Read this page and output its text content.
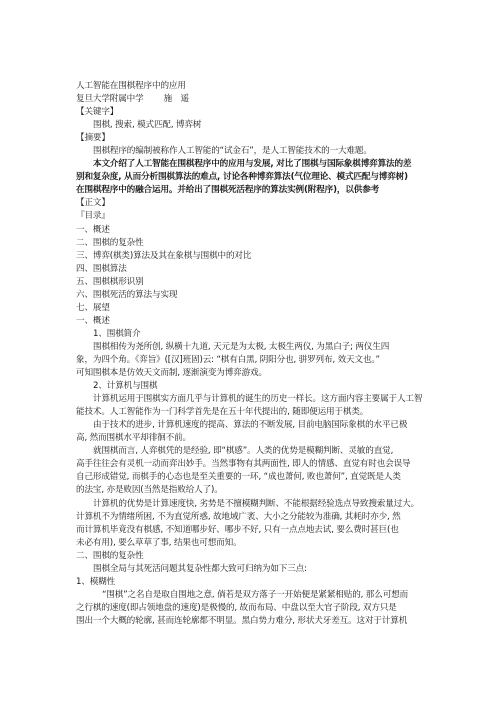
人工智能在围棋程序中的应用
复旦大学附属中学 施　遥
【关键字】
围棋, 搜索, 模式匹配, 博弈树
【摘要】
围棋程序的编制被称作人工智能的“试金石”，是人工智能技术的一大难题。
本文介绍了人工智能在围棋程序中的应用与发展, 对比了围棋与国际象棋博弈算法的差
别和复杂度, 从而分析围棋算法的难点, 讨论各种博弈算法(气位理论、模式匹配与博弈树)
在围棋程序中的融合运用。并给出了围棋死活程序的算法实例(附程序)，以供参考
【正文】
『目录』
一、概述
二、围棋的复杂性
三、博弈(棋类)算法及其在象棋与围棋中的对比
四、围棋算法
五、围棋棋形识别
六、围棋死活的算法与实现
七、展望
一、概述
1、围棋简介
围棋相传为尧所创, 纵横十九道, 天元是为太极, 太极生两仪, 为黑白子; 两仪生四
象，为四个角。《弈旨》([汉]班固)云: “棋有白黑, 阴阳分也, 骈罗列布, 效天文也。”
可知围棋本是仿效天文而制, 逐渐演变为博弈游戏。
2、计算机与围棋
计算机运用于围棋实方面几乎与计算机的诞生的历史一样长。这方面内容主要属于人工智
能技术。人工智能作为一门科学首先是在五十年代提出的, 随即便运用于棋类。
由于技术的进步, 计算机速度的提高、算法的不断发展, 目前电脑国际象棋的水平已极
高, 然而围棋水平却徘徊不前。
就围棋而言, 人弈棋凭的是经验, 即“棋感”。人类的优势是模糊判断、灵敏的直觉,
高手往往会有灵机一动而弈出妙手。当然事物有其两面性, 即人的情感、直觉有时也会误导
自己形成错觉, 而棋手的心态也是至关重要的一环, “成也萧何, 败也萧何”, 直觉既是人类
的法宝, 亦是败因(当然是指败给人了)。
计算机的优势是计算速度快, 劣势是不擅模糊判断、不能根据经验选点导致搜索量过大。
计算机不为情绪所困, 不为直觉所惑, 故地域广袤、大小之分能较为准确, 其耗时亦少, 然
而计算机毕竟没有棋感, 不知道哪步好、哪步不好, 只有一点点地去试, 要么费时甚巨(也
未必有用), 要么草草了事, 结果也可想而知。
二、围棋的复杂性
围棋全局与其死活问题其复杂性都大致可归纳为如下三点:
1、模糊性
“围棋”之名自是取自围地之意, 倘若是双方落子一开始便是紧紧相贴的, 那么可想而
之行棋的速度(即占领地盘的速度)是极慢的, 故而布局、中盘以至大官子阶段, 双方只是
围出一个大概的轮廓, 甚而连轮廓都不明显。黑白势力难分, 形状犬牙差互。这对于计算机
